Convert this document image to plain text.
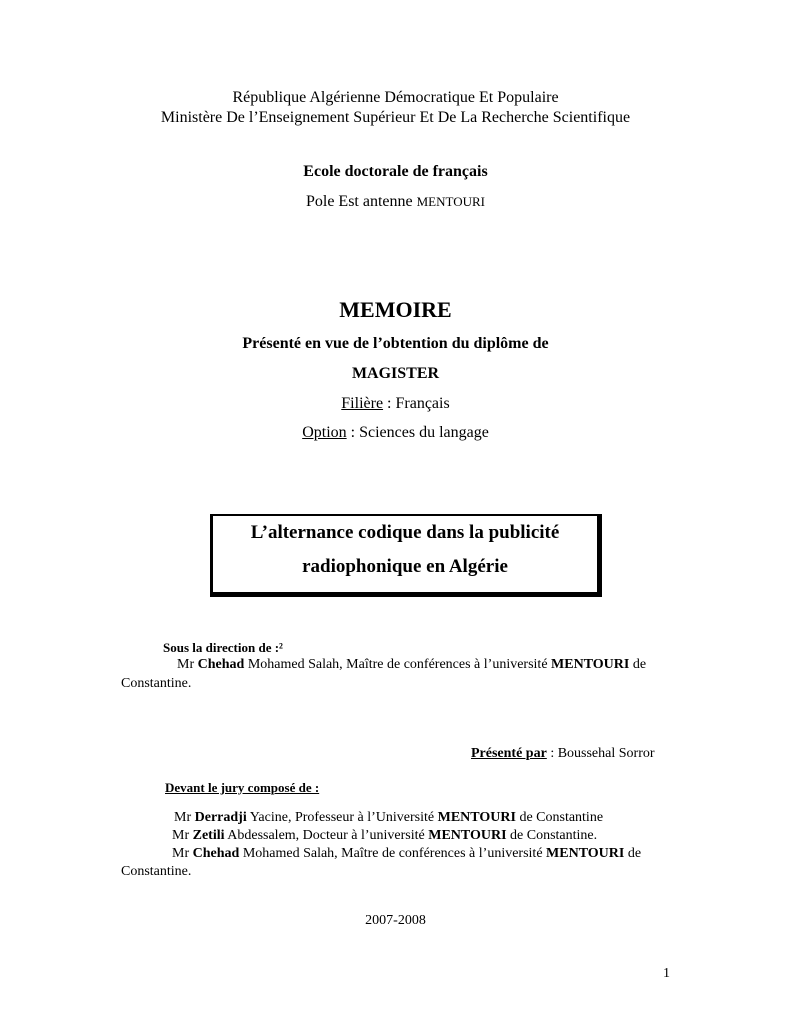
République Algérienne Démocratique Et Populaire
Ministère De l’Enseignement Supérieur Et De La Recherche Scientifique
Ecole doctorale de français
Pole Est antenne MENTOURI
MEMOIRE
Présenté en vue de l’obtention du diplôme de
MAGISTER
Filière : Français
Option : Sciences du langage
L’alternance codique dans la publicité
radiophonique en Algérie
Sous la direction de :²
Mr Chehad Mohamed Salah, Maître de conférences à l’université MENTOURI de
Constantine.
Présenté par : Boussehal Sorror
Devant le jury composé de :
Mr Derradji Yacine, Professeur à l’Université MENTOURI de Constantine
Mr Zetili Abdessalem, Docteur à l’université MENTOURI de Constantine.
Mr Chehad Mohamed Salah, Maître de conférences à l’université MENTOURI de
Constantine.
2007-2008
1
